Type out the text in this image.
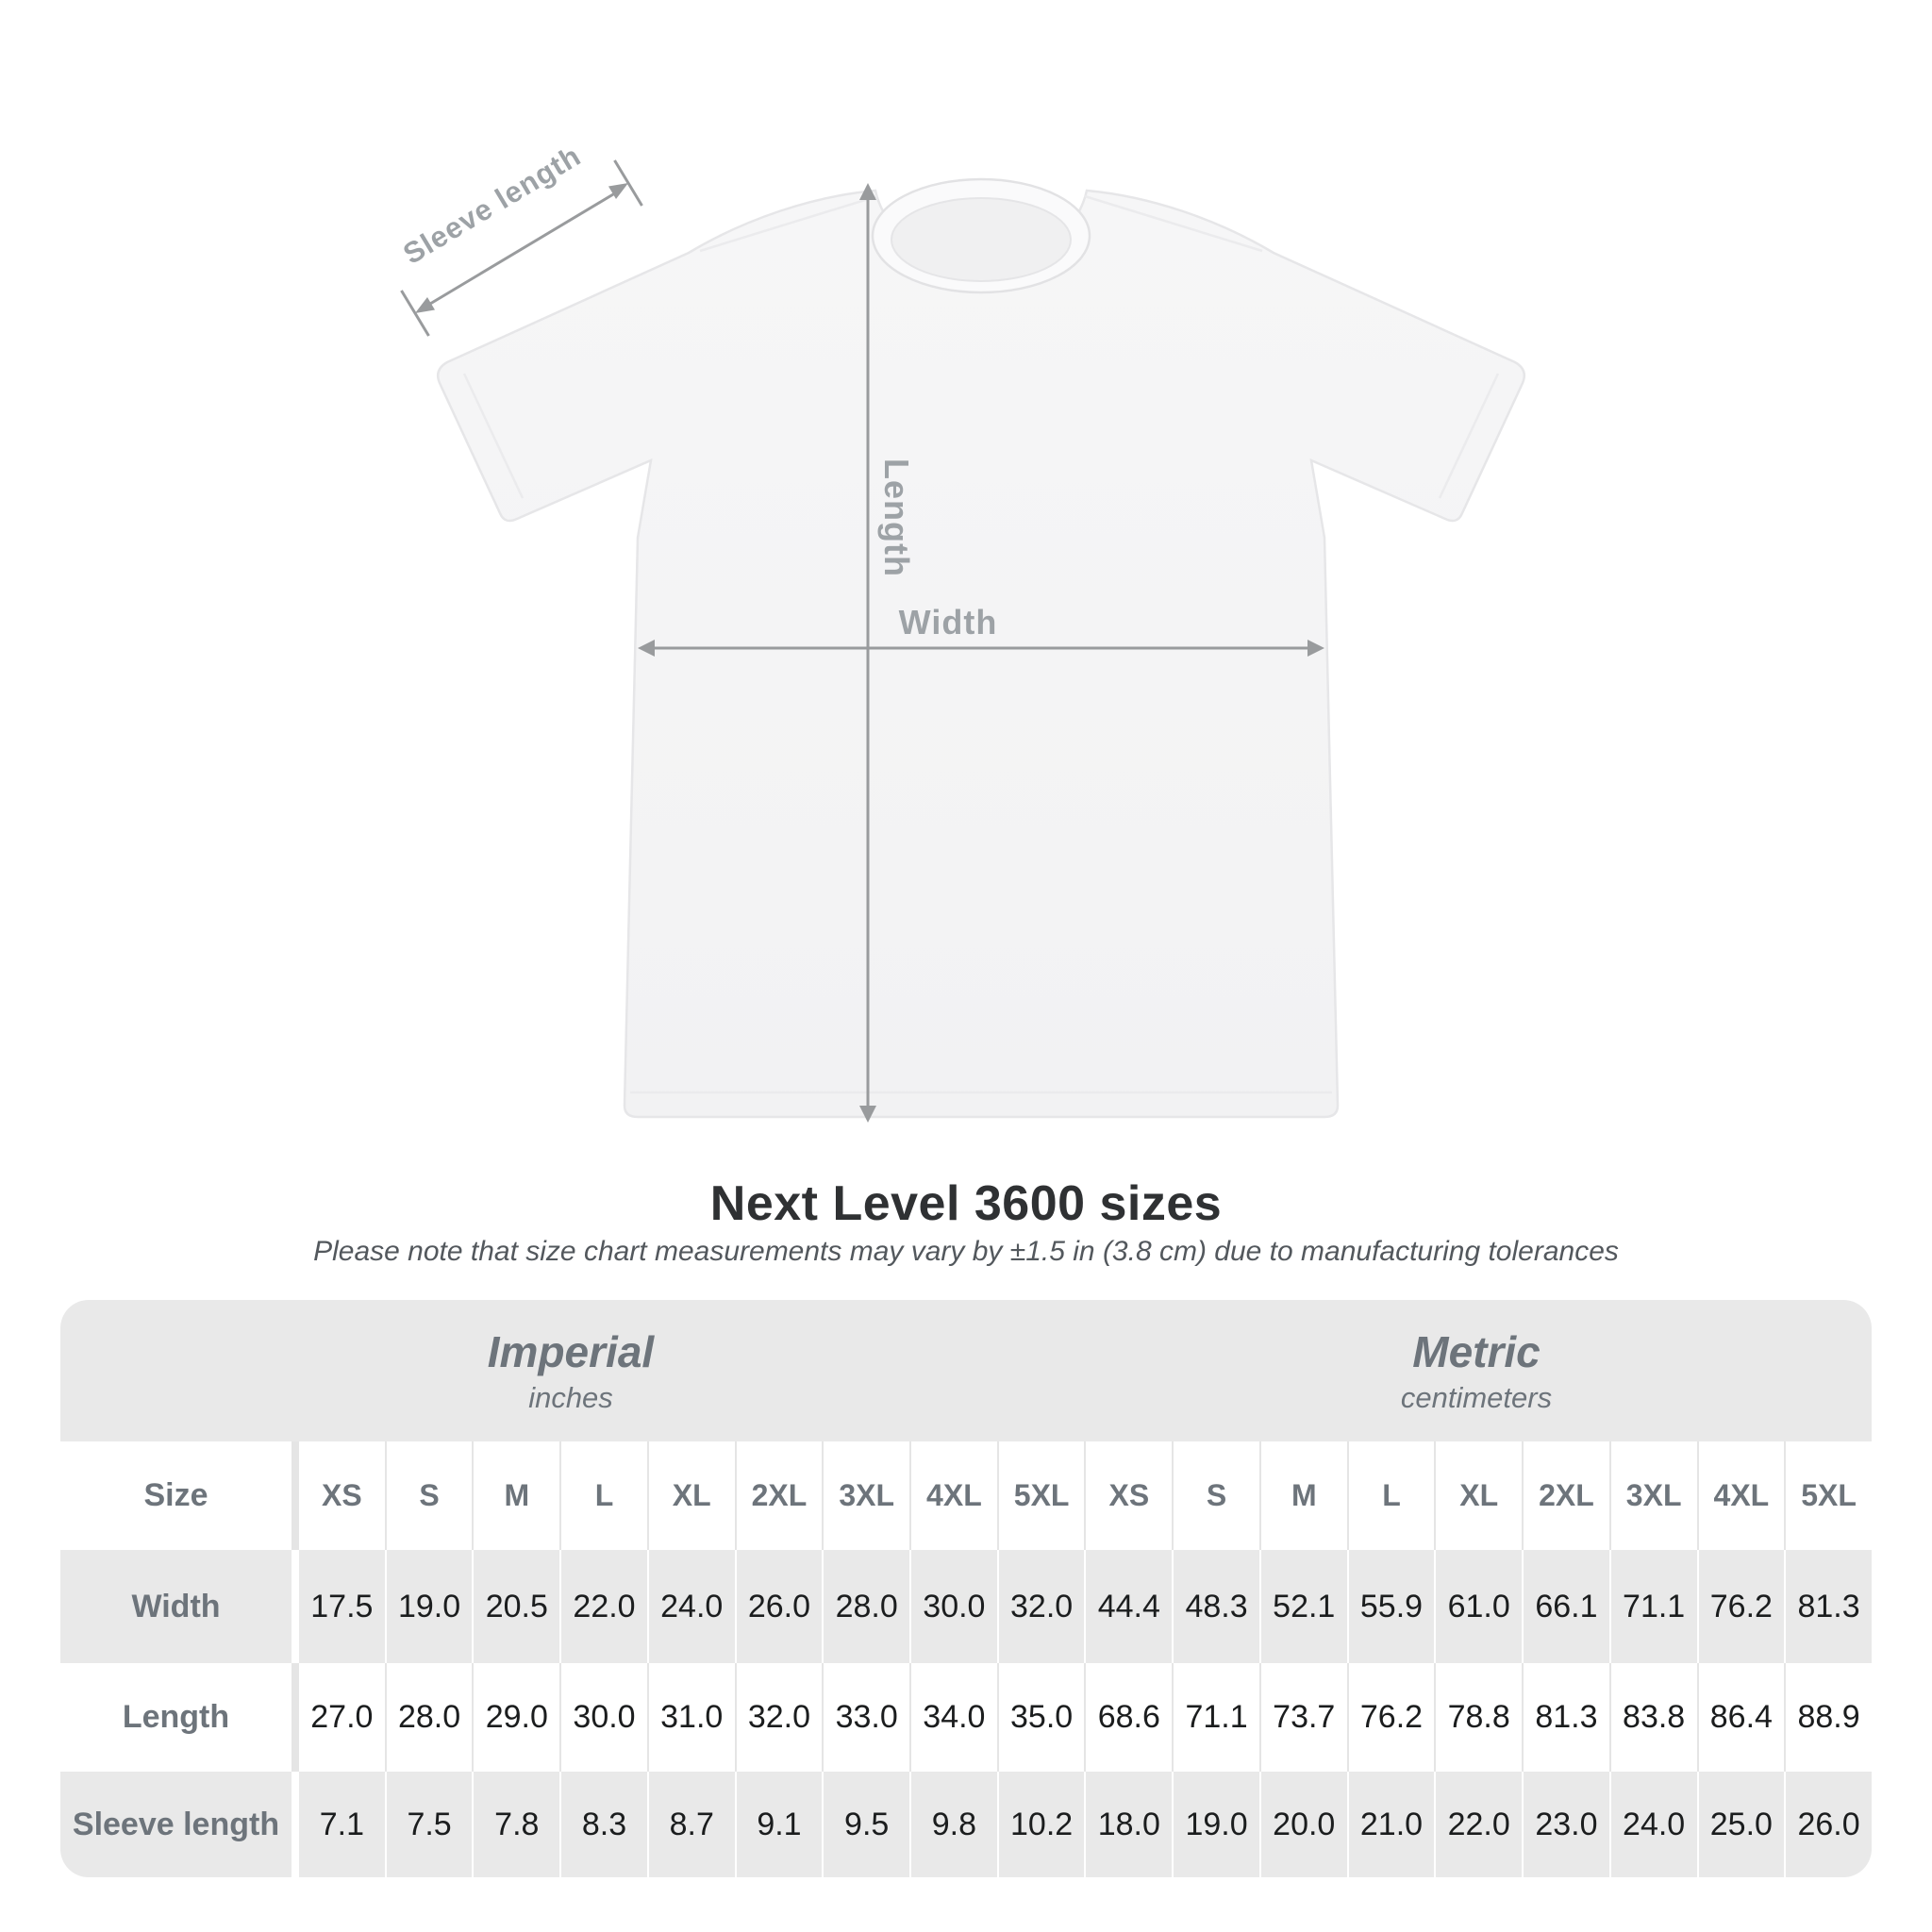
Length
Width
Sleeve length
Next Level 3600 sizes
Please note that size chart measurements may vary by ±1.5 in (3.8 cm) due to manufacturing tolerances
Imperial
inches
Metric
centimeters
Size	XS	S	M	L	XL	2XL	3XL	4XL	5XL	XS	S	M	L	XL	2XL	3XL	4XL	5XL
Width	17.5 19.0 20.5 22.0 24.0 26.0 28.0 30.0 32.0 44.4 48.3 52.1 55.9 61.0 66.1 71.1 76.2 81.3
Length	27.0 28.0 29.0 30.0 31.0 32.0 33.0 34.0 35.0 68.6 71.1 73.7 76.2 78.8 81.3 83.8 86.4 88.9
Sleeve length	7.1	7.5	7.8	8.3	8.7	9.1	9.5	9.8	10.2 18.0 19.0 20.0 21.0 22.0 23.0 24.0 25.0 26.0
